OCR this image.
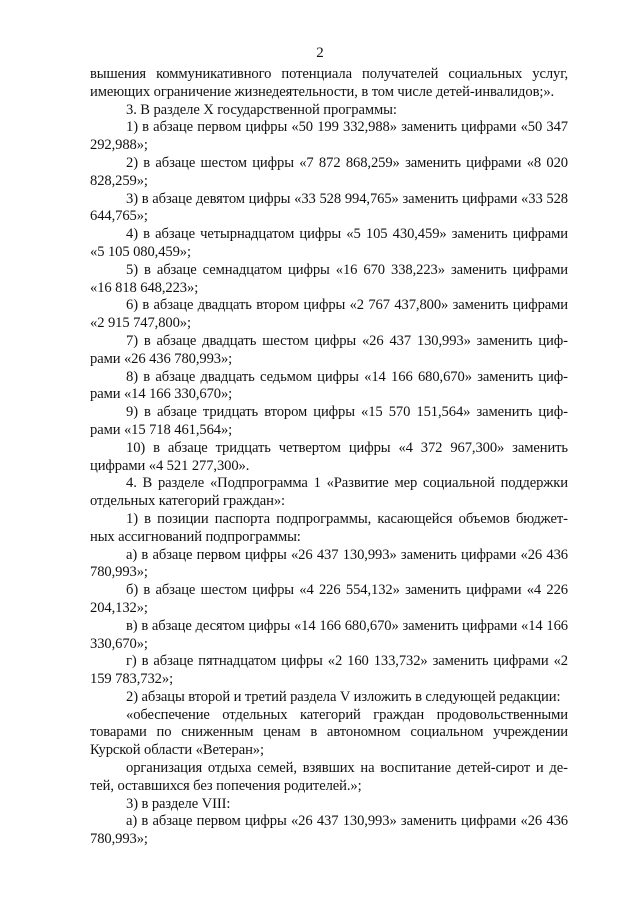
2

вышения коммуникативного потенциала получателей социальных услуг, имеющих ограничение жизнедеятельности, в том числе детей-инвалидов;».

3. В разделе X государственной программы:

1) в абзаце первом цифры «50 199 332,988» заменить цифрами «50 347 292,988»;

2) в абзаце шестом цифры «7 872 868,259» заменить цифрами «8 020 828,259»;

3) в абзаце девятом цифры «33 528 994,765» заменить цифрами «33 528 644,765»;

4) в абзаце четырнадцатом цифры «5 105 430,459» заменить цифрами «5 105 080,459»;

5) в абзаце семнадцатом цифры «16 670 338,223» заменить цифрами «16 818 648,223»;

6) в абзаце двадцать втором цифры «2 767 437,800» заменить цифрами «2 915 747,800»;

7) в абзаце двадцать шестом цифры «26 437 130,993» заменить цифрами «26 436 780,993»;

8) в абзаце двадцать седьмом цифры «14 166 680,670» заменить цифрами «14 166 330,670»;

9) в абзаце тридцать втором цифры «15 570 151,564» заменить цифрами «15 718 461,564»;

10) в абзаце тридцать четвертом цифры «4 372 967,300» заменить цифрами «4 521 277,300».

4. В разделе «Подпрограмма 1 «Развитие мер социальной поддержки отдельных категорий граждан»:

1) в позиции паспорта подпрограммы, касающейся объемов бюджетных ассигнований подпрограммы:

а) в абзаце первом цифры «26 437 130,993» заменить цифрами «26 436 780,993»;

б) в абзаце шестом цифры «4 226 554,132» заменить цифрами «4 226 204,132»;

в) в абзаце десятом цифры «14 166 680,670» заменить цифрами «14 166 330,670»;

г) в абзаце пятнадцатом цифры «2 160 133,732» заменить цифрами «2 159 783,732»;

2) абзацы второй и третий раздела V изложить в следующей редакции:

«обеспечение отдельных категорий граждан продовольственными товарами по сниженным ценам в автономном социальном учреждении Курской области «Ветеран»;

организация отдыха семей, взявших на воспитание детей-сирот и детей, оставшихся без попечения родителей.»;

3) в разделе VIII:

а) в абзаце первом цифры «26 437 130,993» заменить цифрами «26 436 780,993»;
